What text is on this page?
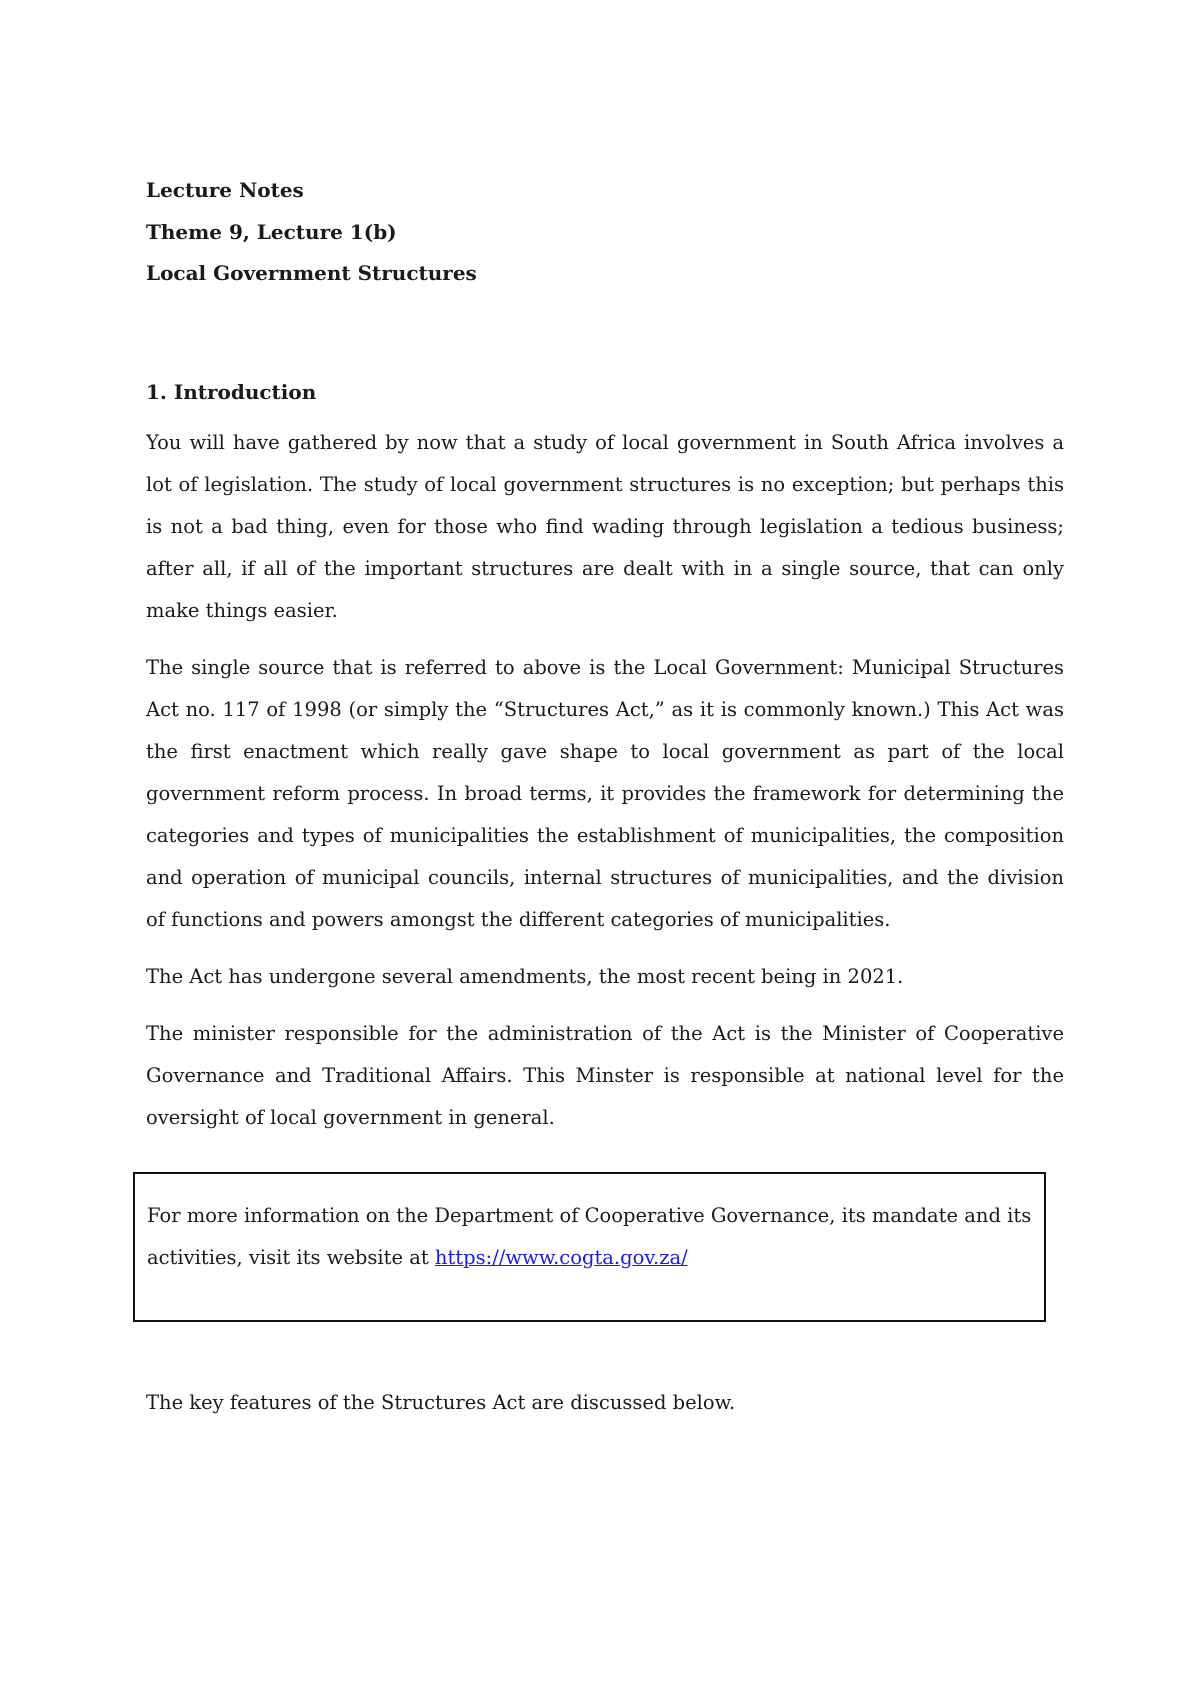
Lecture Notes

Theme 9, Lecture 1(b)

Local Government Structures

1. Introduction

You will have gathered by now that a study of local government in South Africa involves a lot of legislation. The study of local government structures is no exception; but perhaps this is not a bad thing, even for those who find wading through legislation a tedious business; after all, if all of the important structures are dealt with in a single source, that can only make things easier.

The single source that is referred to above is the Local Government: Municipal Structures Act no. 117 of 1998 (or simply the “Structures Act,” as it is commonly known.) This Act was the first enactment which really gave shape to local government as part of the local government reform process. In broad terms, it provides the framework for determining the categories and types of municipalities the establishment of municipalities, the composition and operation of municipal councils, internal structures of municipalities, and the division of functions and powers amongst the different categories of municipalities.

The Act has undergone several amendments, the most recent being in 2021.

The minister responsible for the administration of the Act is the Minister of Cooperative Governance and Traditional Affairs. This Minster is responsible at national level for the oversight of local government in general.

For more information on the Department of Cooperative Governance, its mandate and its activities, visit its website at https://www.cogta.gov.za/

The key features of the Structures Act are discussed below.
